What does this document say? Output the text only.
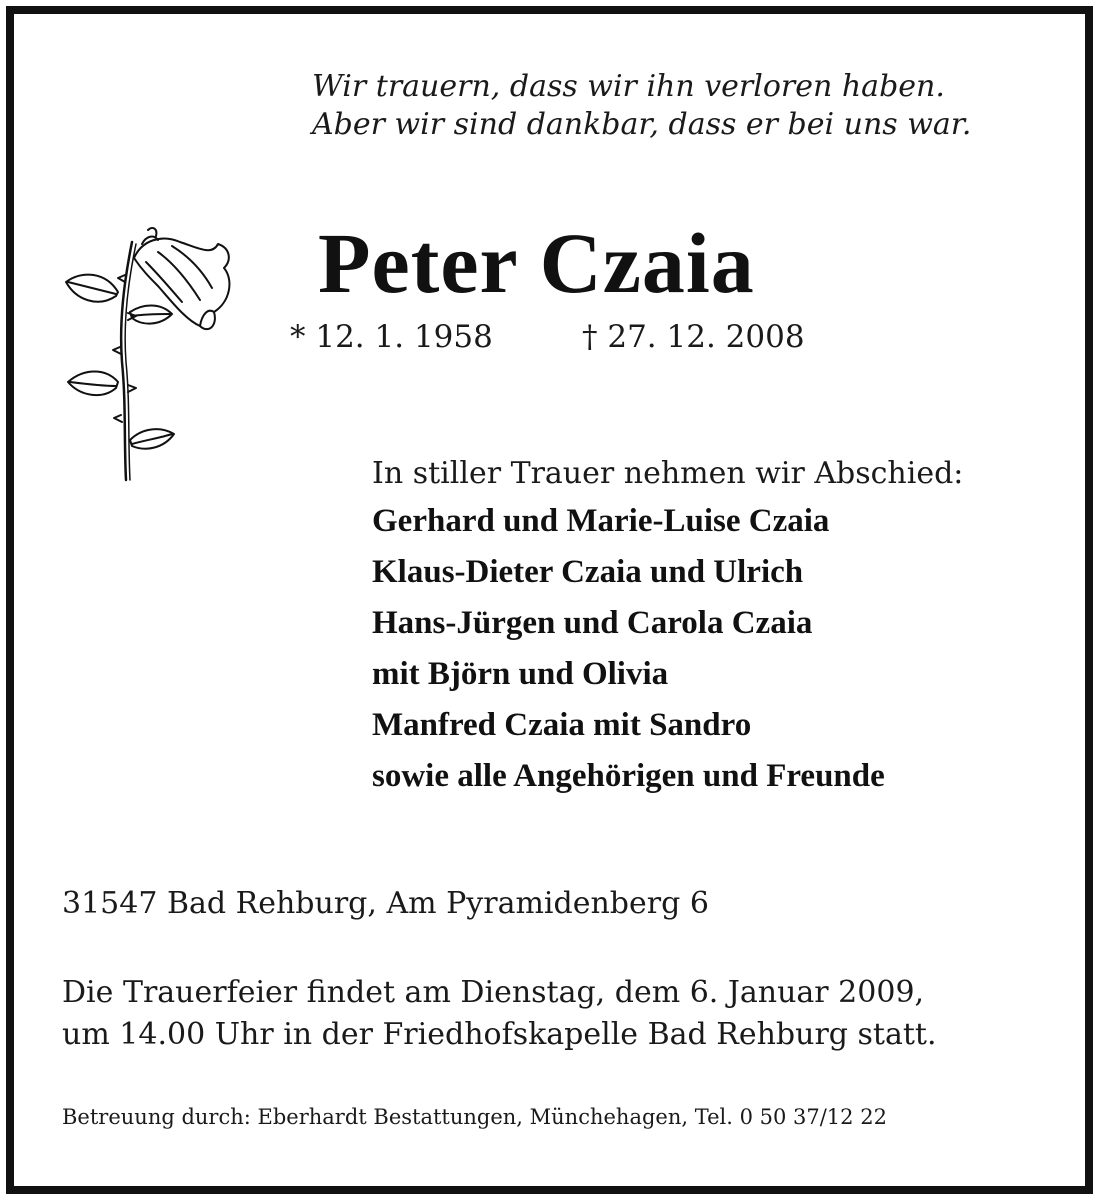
Wir trauern, dass wir ihn verloren haben.
Aber wir sind dankbar, dass er bei uns war.
Peter Czaia
* 12. 1. 1958	† 27. 12. 2008
In stiller Trauer nehmen wir Abschied:
Gerhard und Marie-Luise Czaia
Klaus-Dieter Czaia und Ulrich
Hans-Jürgen und Carola Czaia
mit Björn und Olivia
Manfred Czaia mit Sandro
sowie alle Angehörigen und Freunde
31547 Bad Rehburg, Am Pyramidenberg 6
Die Trauerfeier findet am Dienstag, dem 6. Januar 2009,
um 14.00 Uhr in der Friedhofskapelle Bad Rehburg statt.
Betreuung durch: Eberhardt Bestattungen, Münchehagen, Tel. 0 50 37/12 22
